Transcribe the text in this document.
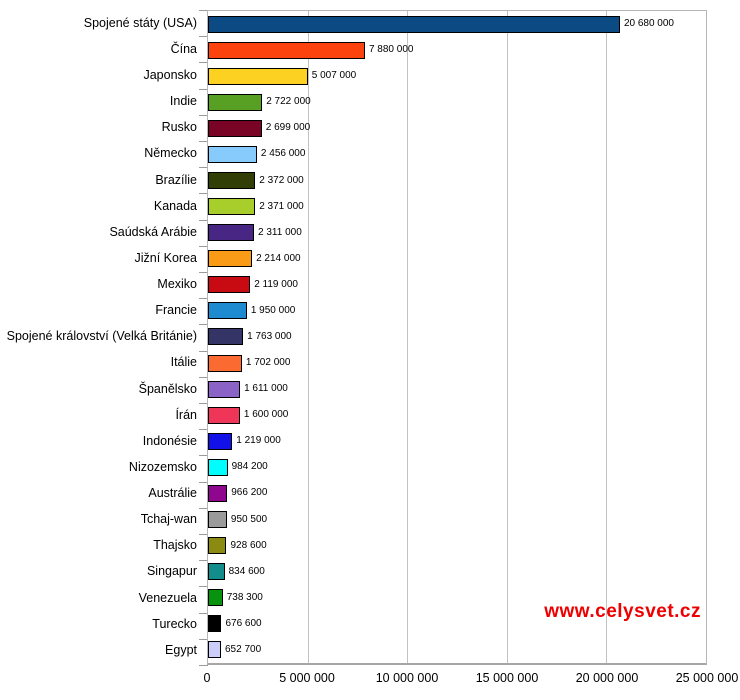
Spojené státy (USA)
Čína
Japonsko
Indie
Rusko
Německo
Brazílie
Kanada
Saúdská Arábie
Jižní Korea
Mexiko
Francie
Spojené království (Velká Británie)
Itálie
Španělsko
Írán
Indonésie
Nizozemsko
Austrálie
Tchaj-wan
Thajsko
Singapur
Venezuela
Turecko
Egypt
20 680 000
7 880 000
5 007 000
2 722 000
2 699 000
2 456 000
2 372 000
2 371 000
2 311 000
2 214 000
2 119 000
1 950 000
1 763 000
1 702 000
1 611 000
1 600 000
1 219 000
984 200
966 200
950 500
928 600
834 600
738 300
676 600
652 700
0	5 000 000	10 000 000	15 000 000	20 000 000	25 000 000
www.celysvet.cz
